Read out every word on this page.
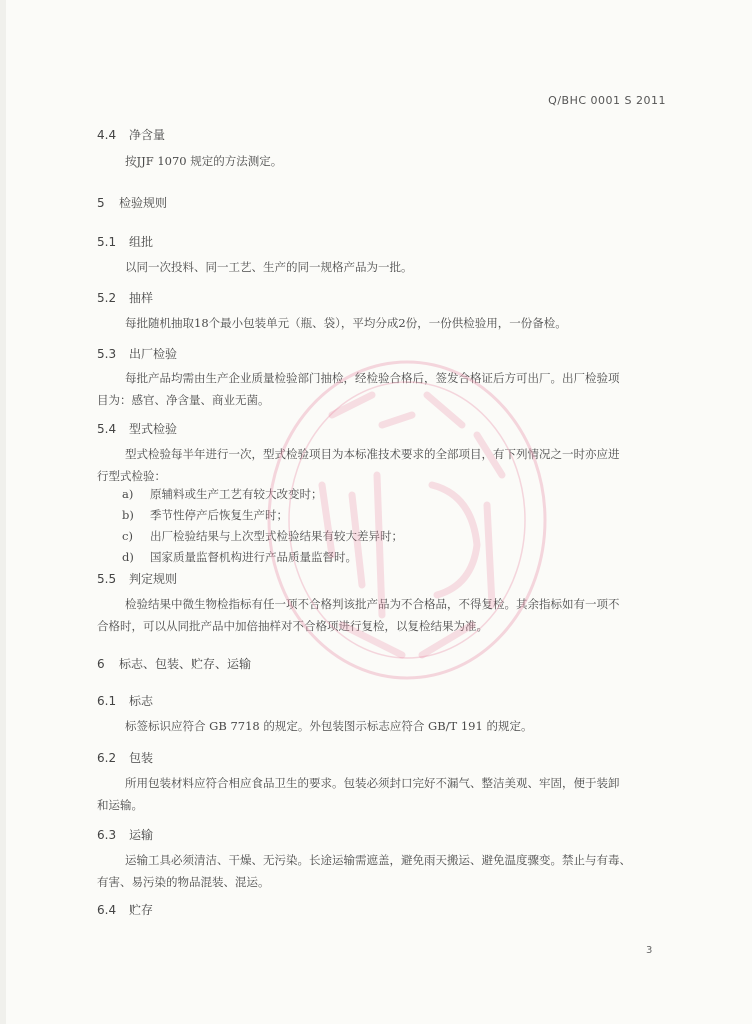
Q/BHC 0001 S 2011
4.4 净含量
按JJF 1070 规定的方法测定。
5 检验规则
5.1 组批
以同一次投料、同一工艺、生产的同一规格产品为一批。
5.2 抽样
每批随机抽取18个最小包装单元（瓶、袋），平均分成2份，一份供检验用，一份备检。
5.3 出厂检验
每批产品均需由生产企业质量检验部门抽检，经检验合格后，签发合格证后方可出厂。出厂检验项
目为：感官、净含量、商业无菌。
5.4 型式检验
型式检验每半年进行一次，型式检验项目为本标准技术要求的全部项目，有下列情况之一时亦应进
行型式检验：
a) 原辅料或生产工艺有较大改变时；
b) 季节性停产后恢复生产时；
c) 出厂检验结果与上次型式检验结果有较大差异时；
d) 国家质量监督机构进行产品质量监督时。
5.5 判定规则
检验结果中微生物检指标有任一项不合格判该批产品为不合格品，不得复检。其余指标如有一项不
合格时，可以从同批产品中加倍抽样对不合格项进行复检，以复检结果为准。
6 标志、包装、贮存、运输
6.1 标志
标签标识应符合 GB 7718 的规定。外包装图示标志应符合 GB/T 191 的规定。
6.2 包装
所用包装材料应符合相应食品卫生的要求。包装必须封口完好不漏气、整洁美观、牢固，便于装卸
和运输。
6.3 运输
运输工具必须清洁、干燥、无污染。长途运输需遮盖，避免雨天搬运、避免温度骤变。禁止与有毒、
有害、易污染的物品混装、混运。
6.4 贮存
3
